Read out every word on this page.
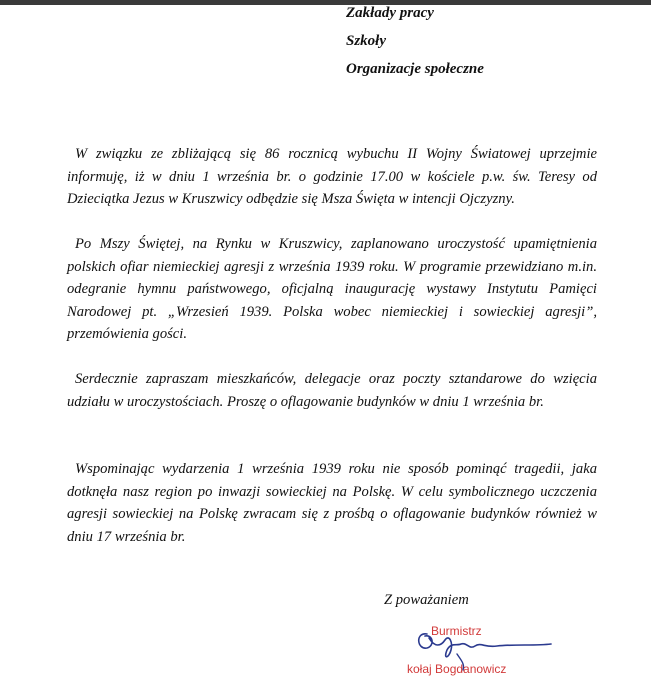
Zakłady pracy
Szkoły
Organizacje społeczne

W związku ze zbliżającą się 86 rocznicą wybuchu II Wojny Światowej uprzejmie informuję, iż w dniu 1 września br. o godzinie 17.00 w kościele p.w. św. Teresy od Dzieciątka Jezus w Kruszwicy odbędzie się Msza Święta w intencji Ojczyzny.

Po Mszy Świętej, na Rynku w Kruszwicy, zaplanowano uroczystość upamiętnienia polskich ofiar niemieckiej agresji z września 1939 roku. W programie przewidziano m.in. odegranie hymnu państwowego, oficjalną inaugurację wystawy Instytutu Pamięci Narodowej pt. „Wrzesień 1939. Polska wobec niemieckiej i sowieckiej agresji”, przemówienia gości.

Serdecznie zapraszam mieszkańców, delegacje oraz poczty sztandarowe do wzięcia udziału w uroczystościach. Proszę o oflagowanie budynków w dniu 1 września br.

Wspominając wydarzenia 1 września 1939 roku nie sposób pominąć tragedii, jaka dotknęła nasz region po inwazji sowieckiej na Polskę. W celu symbolicznego uczczenia agresji sowieckiej na Polskę zwracam się z prośbą o oflagowanie budynków również w dniu 17 września br.

Z poważaniem
Burmistrz
kołaj Bogdanowicz
